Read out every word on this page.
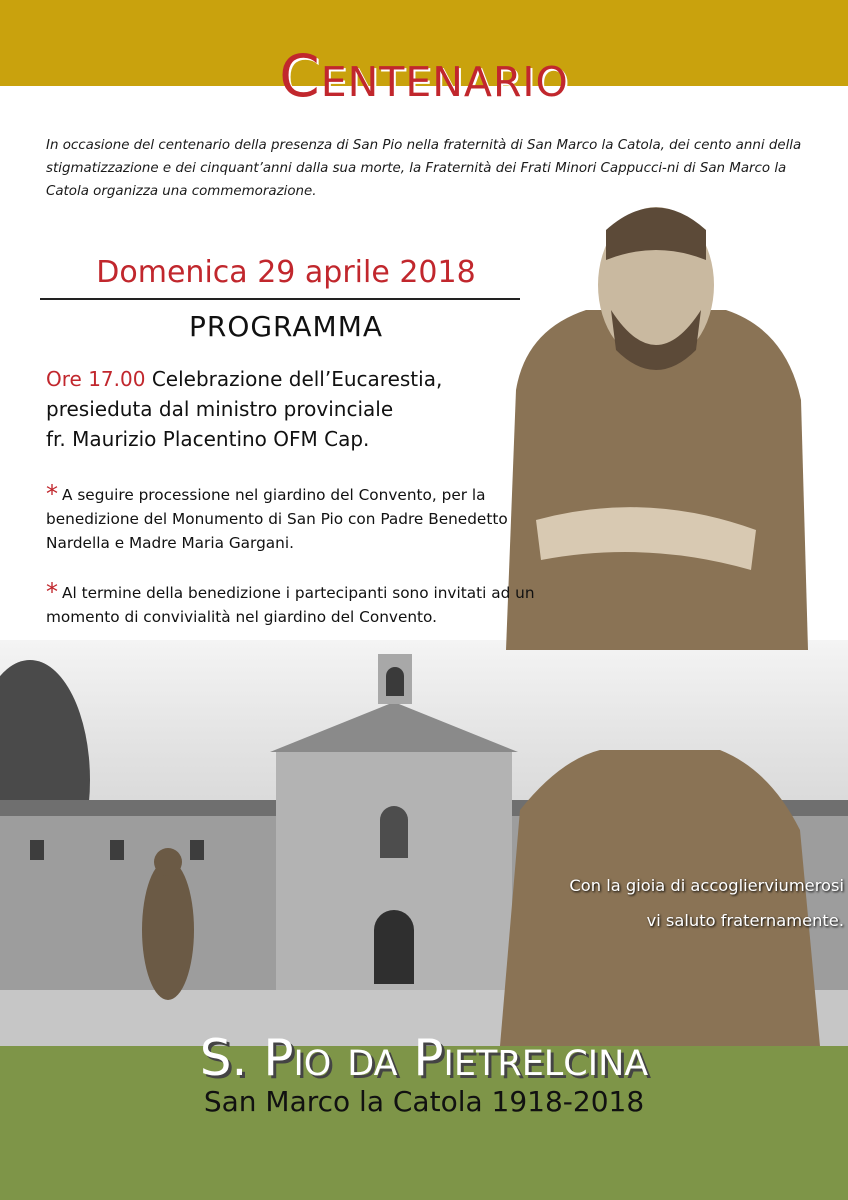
Centenario
In occasione del centenario della presenza di San Pio nella fraternità di San Marco la Catola, dei cento anni della stigmatizzazione e dei cinquant’anni dalla sua morte, la Fraternità dei Frati Minori Cappucci-ni di San Marco la Catola organizza una commemorazione.
Domenica 29 aprile 2018
PROGRAMMA
Ore 17.00 Celebrazione dell’Eucarestia,
presieduta dal ministro provinciale
fr. Maurizio Placentino OFM Cap.
* A seguire processione nel giardino del Convento, per la benedizione del Monumento di San Pio con Padre Benedetto Nardella e Madre Maria Gargani.
* Al termine della benedizione i partecipanti sono invitati ad un momento di convivialità nel giardino del Convento.
Con la gioia di accoglierviumerosi
vi saluto fraternamente.
S. Pio da Pietrelcina
San Marco la Catola 1918-2018
